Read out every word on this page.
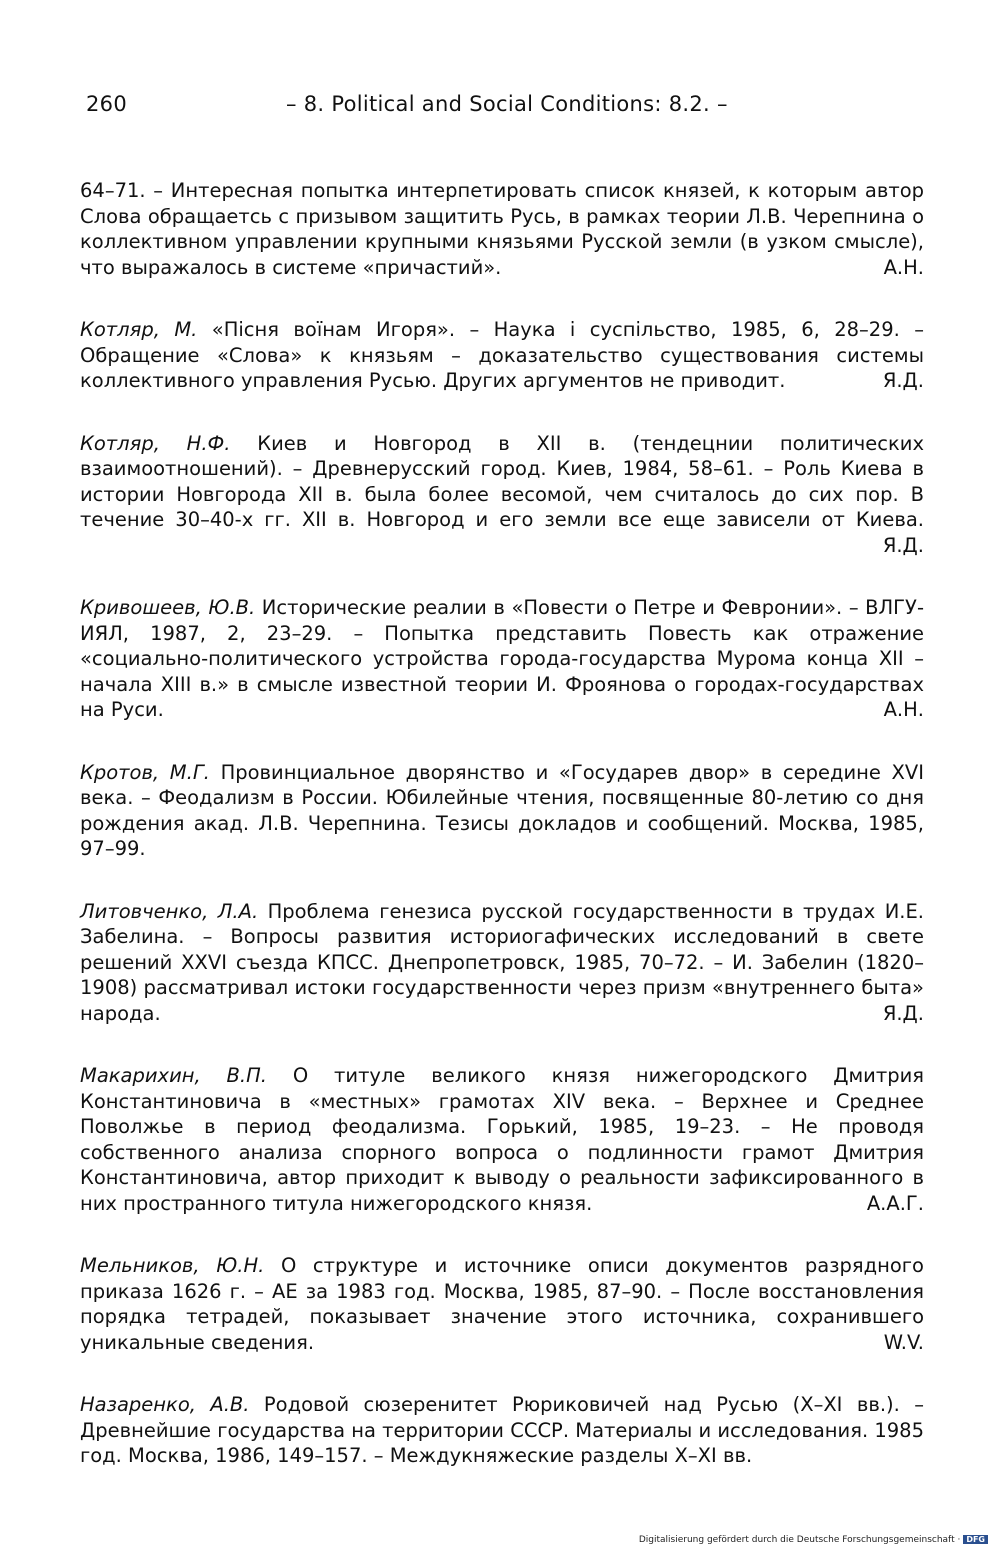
260	– 8. Political and Social Conditions: 8.2. –
64–71. – Интересная попытка интерпетировать список князей, к которым автор Слова обращаетсь с призывом защитить Русь, в рамках теории Л.В. Черепнина о коллективном управлении крупными князьями Русской земли (в узком смысле), что выражалось в системе «причастий».	А.Н.
Котляр, М. «Пiсня воïнам Игоря». – Наука i суспiльство, 1985, 6, 28–29. – Обращение «Слова» к князьям – доказательство существования системы коллективного управления Русью. Других аргументов не приводит.	Я.Д.
Котляр, Н.Ф. Киев и Новгород в XII в. (тендецнии политических взаимоотношений). – Древнерусский город. Киев, 1984, 58–61. – Роль Киева в истории Новгорода XII в. была более весомой, чем считалось до сих пор. В течение 30–40-х гг. XII в. Новгород и его земли все еще зависели от Киева.
Я.Д.
Кривошеев, Ю.В. Исторические реалии в «Повести о Петре и Февронии». – ВЛГУ-ИЯЛ, 1987, 2, 23–29. – Попытка представить Повесть как отражение «социально-политического устройства города-государства Мурома конца XII – начала XIII в.» в смысле известной теории И. Фроянова о городах-государствах на Руси.	А.Н.
Кротов, М.Г. Провинциальное дворянство и «Государев двор» в середине XVI века. – Феодализм в России. Юбилейные чтения, посвященные 80-летию со дня рождения акад. Л.В. Черепнина. Тезисы докладов и сообщений. Москва, 1985, 97–99.
Литовченко, Л.А. Проблема генезиса русской государственности в трудах И.Е. Забелина. – Вопросы развития историогафических исследований в свете решений XXVI съезда КПСС. Днепропетровск, 1985, 70–72. – И. Забелин (1820–1908) рассматривал истоки государственности через призм «внутреннего быта» народа.	Я.Д.
Макарихин, В.П. О титуле великого князя нижегородского Дмитрия Константиновича в «местных» грамотах XIV века. – Верхнее и Среднее Поволжье в период феодализма. Горький, 1985, 19–23. – Не проводя собственного анализа спорного вопроса о подлинности грамот Дмитрия Константиновича, автор приходит к выводу о реальности зафиксированного в них пространного титула нижегородского князя.	А.А.Г.
Мельников, Ю.Н. О структуре и источнике описи документов разрядного приказа 1626 г. – АЕ за 1983 год. Москва, 1985, 87–90. – После восстановления порядка тетрадей, показывает значение этого источника, сохранившего уникальные сведения.	W.V.
Назаренко, А.В. Родовой сюзеренитет Рюриковичей над Русью (X–XI вв.). – Древнейшие государства на территории СССР. Материалы и исследования. 1985 год. Москва, 1986, 149–157. – Междукняжеские разделы X–XI вв.
Digitalisierung gefördert durch die Deutsche Forschungsgemeinschaft · DFG
